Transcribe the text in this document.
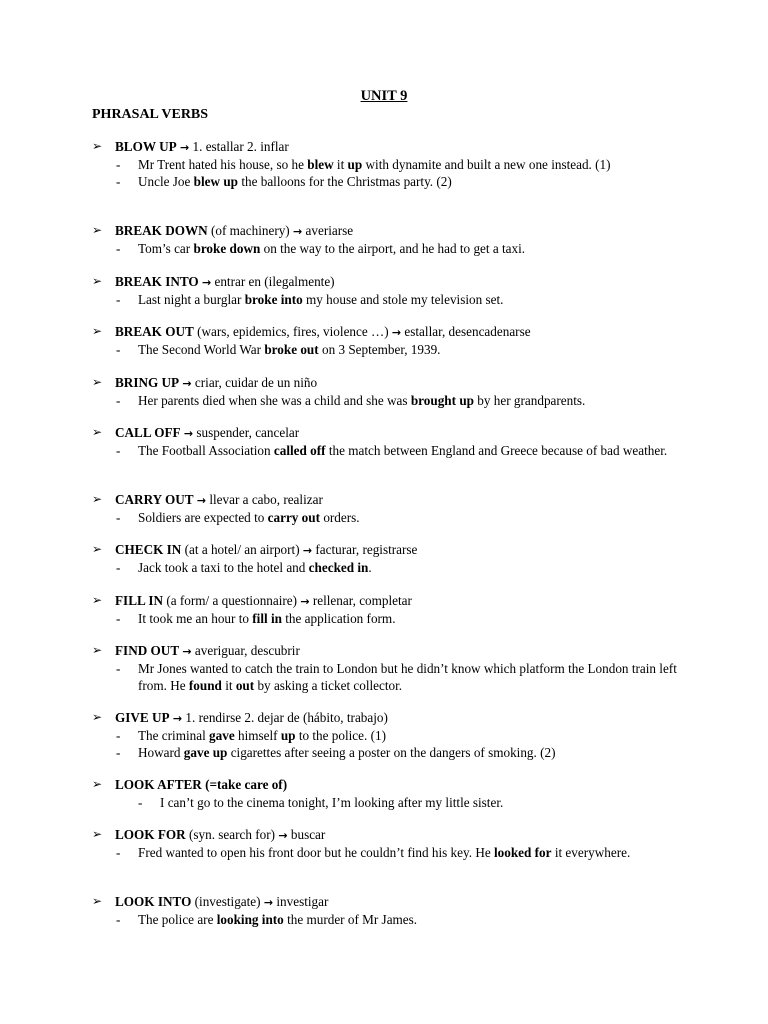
UNIT 9
PHRASAL VERBS
➢ BLOW UP → 1. estallar 2. inflar
- Mr Trent hated his house, so he blew it up with dynamite and built a new one instead. (1)
- Uncle Joe blew up the balloons for the Christmas party. (2)
➢ BREAK DOWN (of machinery) → averiarse
- Tom’s car broke down on the way to the airport, and he had to get a taxi.
➢ BREAK INTO → entrar en (ilegalmente)
- Last night a burglar broke into my house and stole my television set.
➢ BREAK OUT (wars, epidemics, fires, violence …) → estallar, desencadenarse
- The Second World War broke out on 3 September, 1939.
➢ BRING UP → criar, cuidar de un niño
- Her parents died when she was a child and she was brought up by her grandparents.
➢ CALL OFF → suspender, cancelar
- The Football Association called off the match between England and Greece because of bad weather.
➢ CARRY OUT → llevar a cabo, realizar
- Soldiers are expected to carry out orders.
➢ CHECK IN (at a hotel/ an airport) → facturar, registrarse
- Jack took a taxi to the hotel and checked in.
➢ FILL IN (a form/ a questionnaire) → rellenar, completar
- It took me an hour to fill in the application form.
➢ FIND OUT → averiguar, descubrir
- Mr Jones wanted to catch the train to London but he didn’t know which platform the London train left from. He found it out by asking a ticket collector.
➢ GIVE UP → 1. rendirse 2. dejar de (hábito, trabajo)
- The criminal gave himself up to the police. (1)
- Howard gave up cigarettes after seeing a poster on the dangers of smoking. (2)
➢ LOOK AFTER (=take care of)
- I can’t go to the cinema tonight, I’m looking after my little sister.
➢ LOOK FOR (syn. search for) → buscar
- Fred wanted to open his front door but he couldn’t find his key. He looked for it everywhere.
➢ LOOK INTO (investigate) → investigar
- The police are looking into the murder of Mr James.
